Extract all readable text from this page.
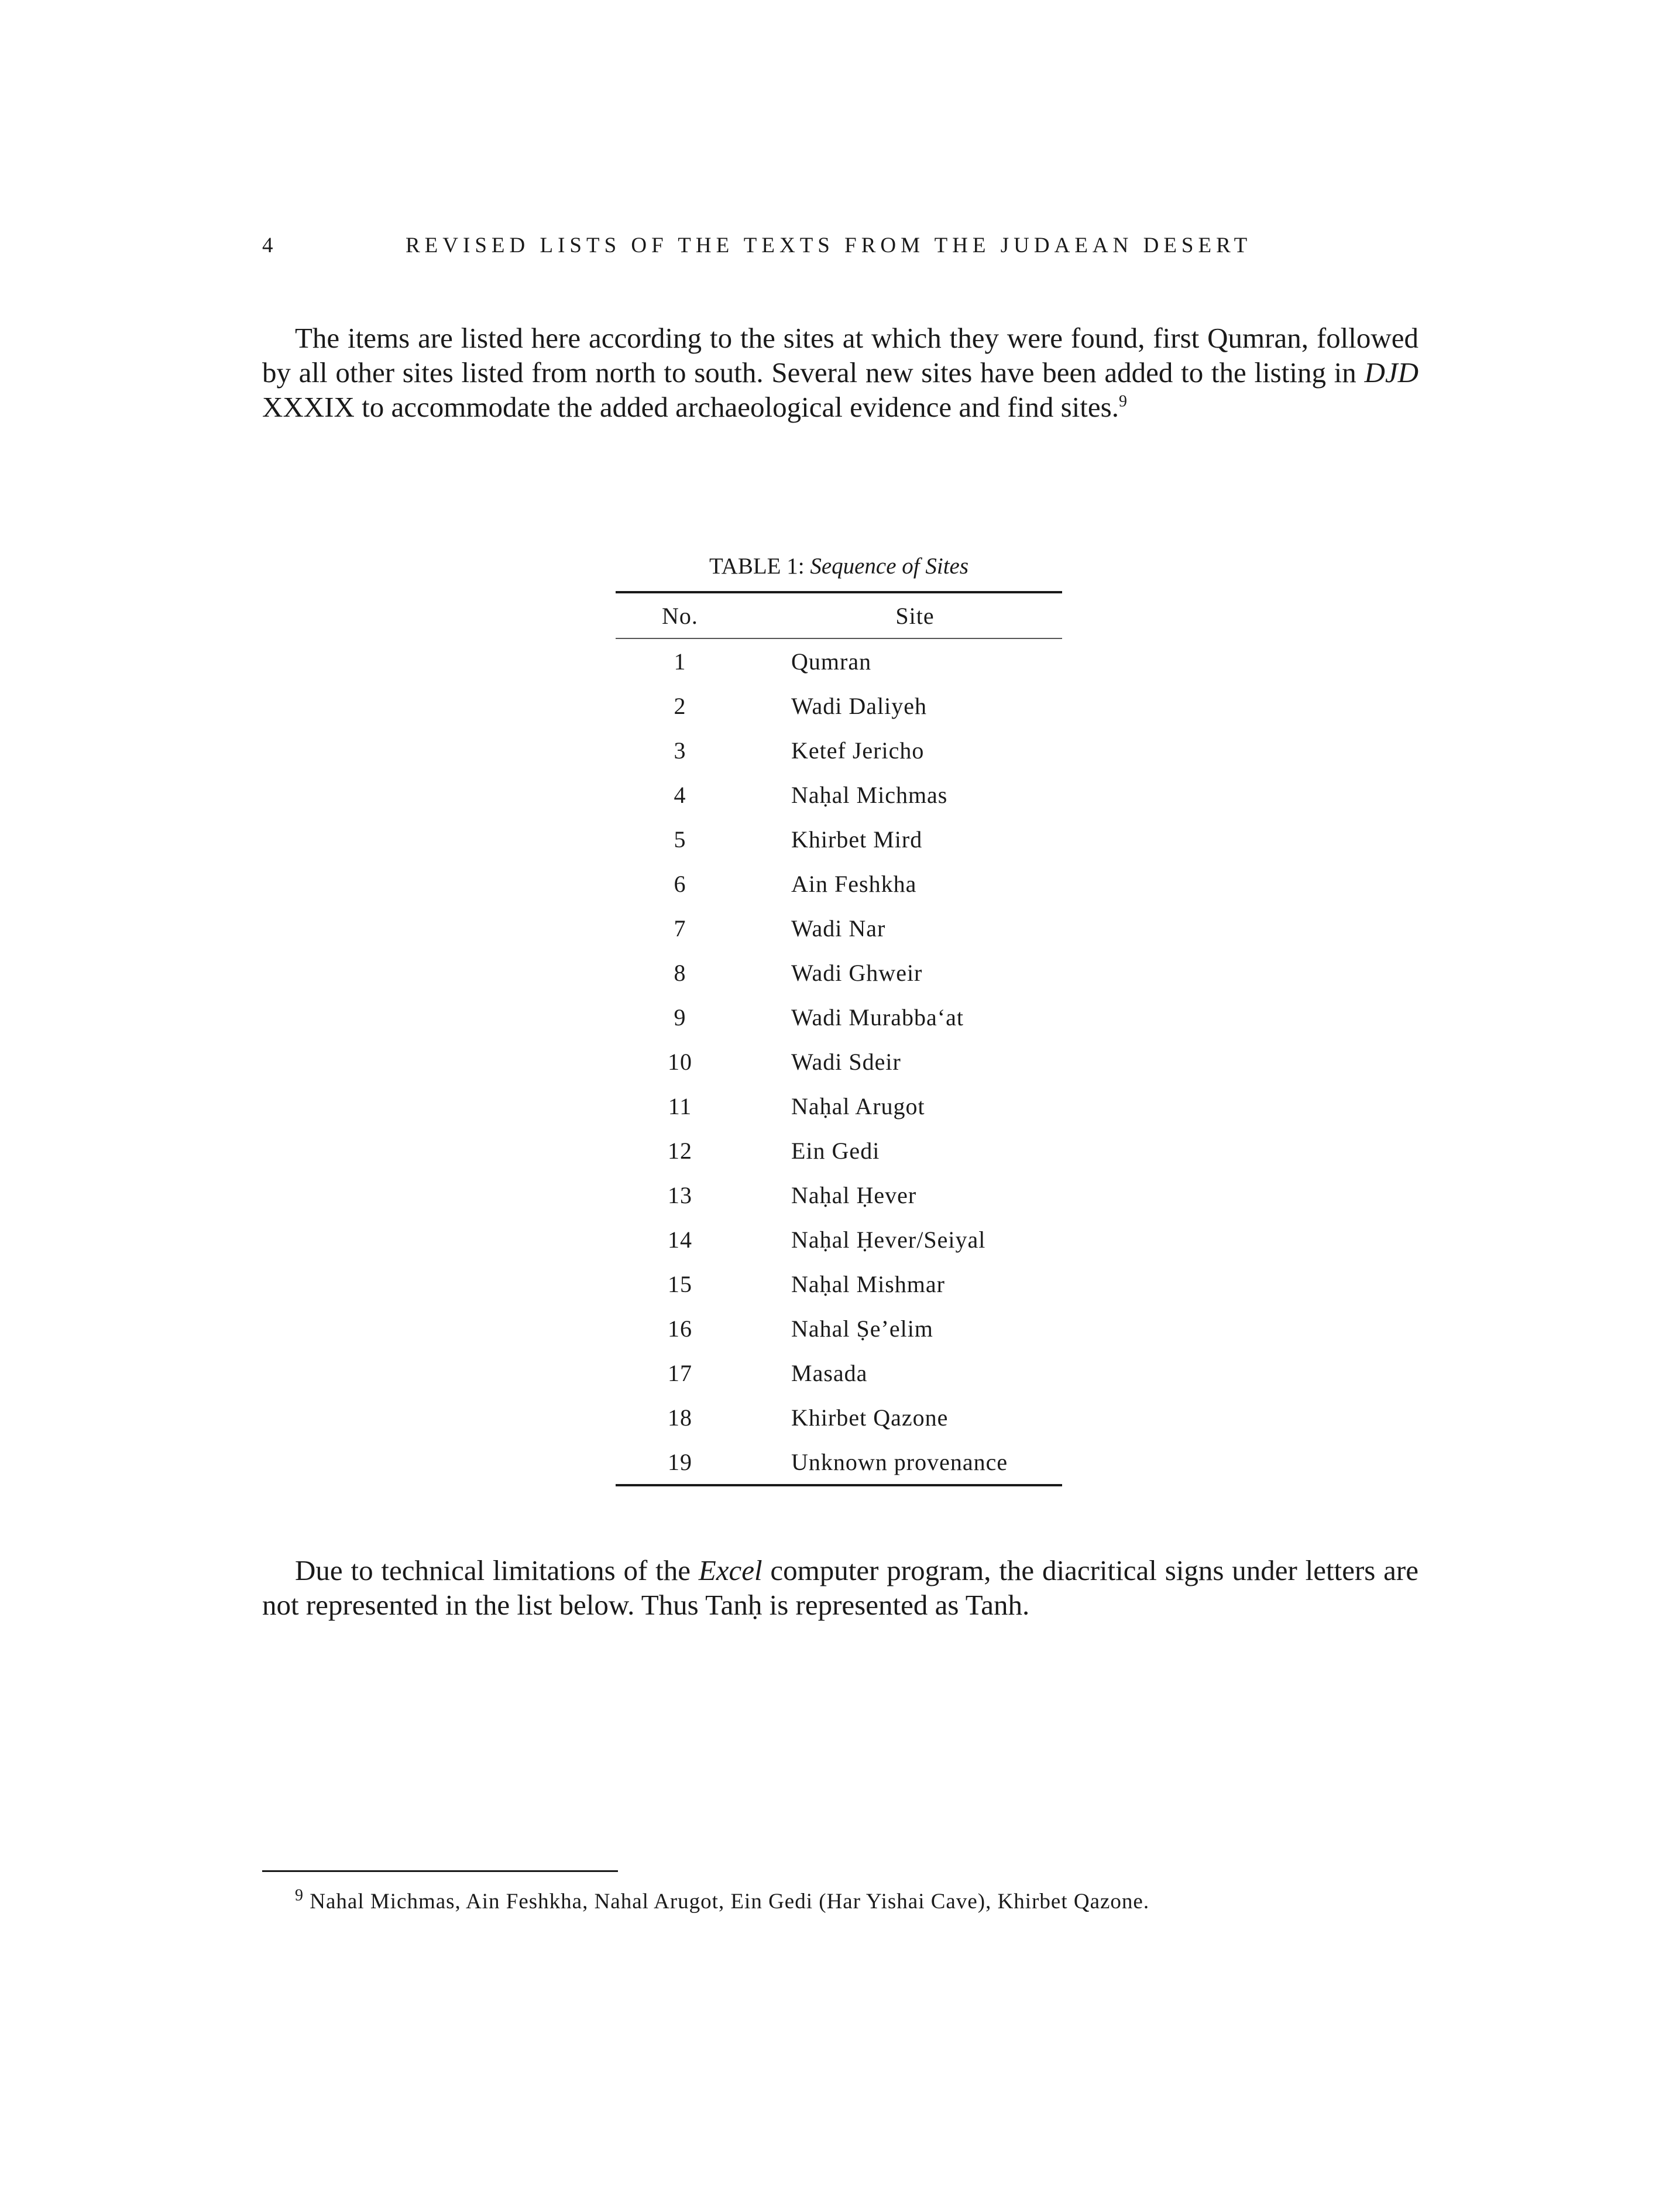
4	REVISED LISTS OF THE TEXTS FROM THE JUDAEAN DESERT

The items are listed here according to the sites at which they were found, first Qumran, followed by all other sites listed from north to south. Several new sites have been added to the listing in DJD XXXIX to accommodate the added archaeological evidence and find sites.$^9$

TABLE 1: Sequence of Sites
No.	Site
1	Qumran
2	Wadi Daliyeh
3	Ketef Jericho
4	Naḥal Michmas
5	Khirbet Mird
6	Ain Feshkha
7	Wadi Nar
8	Wadi Ghweir
9	Wadi Murabba‘at
10	Wadi Sdeir
11	Naḥal Arugot
12	Ein Gedi
13	Naḥal Ḥever
14	Naḥal Ḥever/Seiyal
15	Naḥal Mishmar
16	Nahal Ṣe’elim
17	Masada
18	Khirbet Qazone
19	Unknown provenance

Due to technical limitations of the Excel computer program, the diacritical signs under letters are not represented in the list below. Thus Tanḥ is represented as Tanh.

$^9$ Nahal Michmas, Ain Feshkha, Nahal Arugot, Ein Gedi (Har Yishai Cave), Khirbet Qazone.
